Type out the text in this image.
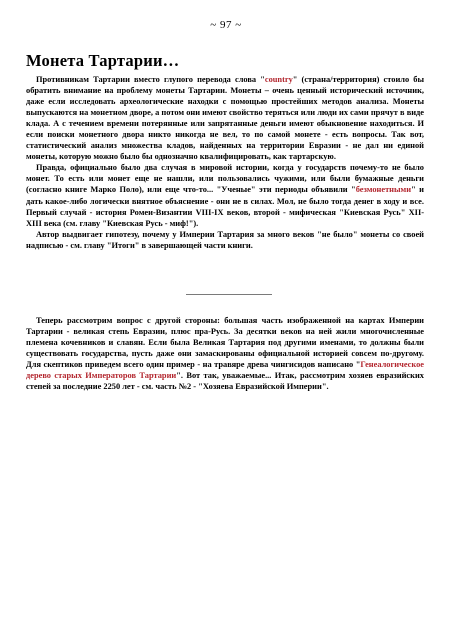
~ 97 ~
Монета Тартарии…

Противникам Тартарии вместо глупого перевода слова "country" (страна/территория) стоило бы обратить внимание на проблему монеты Тартарии. Монеты – очень ценный исторический источник, даже если исследовать археологические находки с помощью простейших методов анализа. Монеты выпускаются на монетном дворе, а потом они имеют свойство теряться или люди их сами прячут в виде клада. А с течением времени потерянные или запрятанные деньги имеют обыкновение находиться. И если поиски монетного двора никто никогда не вел, то по самой монете - есть вопросы. Так вот, статистический анализ множества кладов, найденных на территории Евразии - не дал ни единой монеты, которую можно было бы однозначно квалифицировать, как тартарскую.

Правда, официально было два случая в мировой истории, когда у государств почему-то не было монет. То есть или монет еще не нашли, или пользовались чужими, или были бумажные деньги (согласно книге Марко Поло), или еще что-то... "Ученые" эти периоды объявили "безмонетными" и дать какое-либо логически внятное объяснение - они не в силах. Мол, не было тогда денег в ходу и все. Первый случай - история Ромеи-Византии VIII-IX веков, второй - мифическая "Киевская Русь" XII-XIII века (см. главу "Киевская Русь - миф!").

Автор выдвигает гипотезу, почему у Империи Тартария за много веков "не было" монеты со своей надписью - см. главу "Итоги" в завершающей части книги.

Теперь рассмотрим вопрос с другой стороны: большая часть изображенной на картах Империи Тартарии - великая степь Евразии, плюс пра-Русь. За десятки веков на ней жили многочисленные племена кочевников и славян. Если была Великая Тартария под другими именами, то должны были существовать государства, пусть даже они замаскированы официальной историей совсем по-другому. Для скептиков приведем всего один пример - на травяре древа чингисидов написано "Генеалогическое дерево старых Императоров Тартарии". Вот так, уважаемые... Итак, рассмотрим хозяев евразийских степей за последние 2250 лет - см. часть №2 - "Хозяева Евразийской Империи".
